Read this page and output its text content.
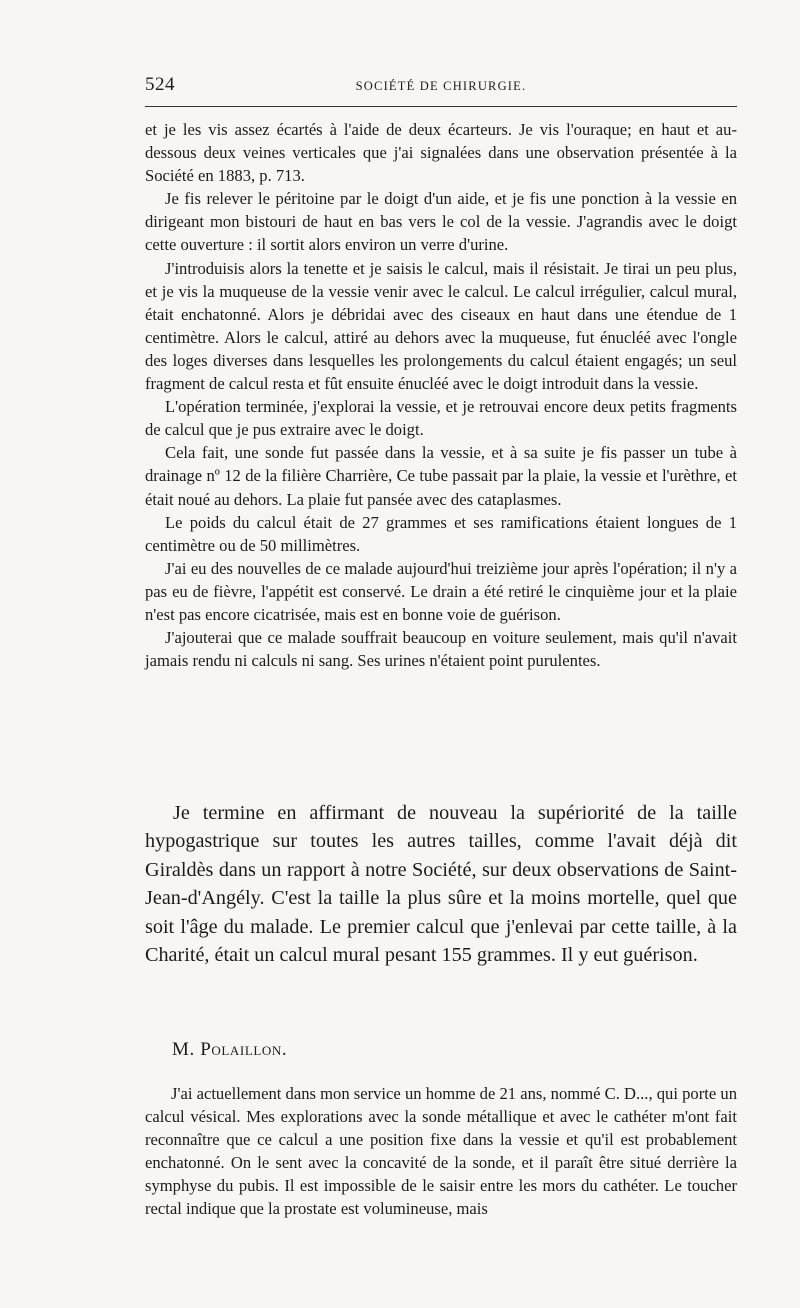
524	SOCIÉTÉ DE CHIRURGIE.

et je les vis assez écartés à l'aide de deux écarteurs. Je vis l'ouraque; en haut et au-dessous deux veines verticales que j'ai signalées dans une observation présentée à la Société en 1883, p. 713.

Je fis relever le péritoine par le doigt d'un aide, et je fis une ponction à la vessie en dirigeant mon bistouri de haut en bas vers le col de la vessie. J'agrandis avec le doigt cette ouverture : il sortit alors environ un verre d'urine.

J'introduisis alors la tenette et je saisis le calcul, mais il résistait. Je tirai un peu plus, et je vis la muqueuse de la vessie venir avec le calcul. Le calcul irrégulier, calcul mural, était enchatonné. Alors je débridai avec des ciseaux en haut dans une étendue de 1 centimètre. Alors le calcul, attiré au dehors avec la muqueuse, fut énucléé avec l'ongle des loges diverses dans lesquelles les prolongements du calcul étaient engagés; un seul fragment de calcul resta et fût ensuite énucléé avec le doigt introduit dans la vessie.

L'opération terminée, j'explorai la vessie, et je retrouvai encore deux petits fragments de calcul que je pus extraire avec le doigt.

Cela fait, une sonde fut passée dans la vessie, et à sa suite je fis passer un tube à drainage nº 12 de la filière Charrière, Ce tube passait par la plaie, la vessie et l'urèthre, et était noué au dehors. La plaie fut pansée avec des cataplasmes.

Le poids du calcul était de 27 grammes et ses ramifications étaient longues de 1 centimètre ou de 50 millimètres.

J'ai eu des nouvelles de ce malade aujourd'hui treizième jour après l'opération; il n'y a pas eu de fièvre, l'appétit est conservé. Le drain a été retiré le cinquième jour et la plaie n'est pas encore cicatrisée, mais est en bonne voie de guérison.

J'ajouterai que ce malade souffrait beaucoup en voiture seulement, mais qu'il n'avait jamais rendu ni calculs ni sang. Ses urines n'étaient point purulentes.

Je termine en affirmant de nouveau la supériorité de la taille hypogastrique sur toutes les autres tailles, comme l'avait déjà dit Giraldès dans un rapport à notre Société, sur deux observations de Saint-Jean-d'Angély. C'est la taille la plus sûre et la moins mortelle, quel que soit l'âge du malade. Le premier calcul que j'enlevai par cette taille, à la Charité, était un calcul mural pesant 155 grammes. Il y eut guérison.

M. Polaillon.

J'ai actuellement dans mon service un homme de 21 ans, nommé C. D..., qui porte un calcul vésical. Mes explorations avec la sonde métallique et avec le cathéter m'ont fait reconnaître que ce calcul a une position fixe dans la vessie et qu'il est probablement enchatonné. On le sent avec la concavité de la sonde, et il paraît être situé derrière la symphyse du pubis. Il est impossible de le saisir entre les mors du cathéter. Le toucher rectal indique que la prostate est volumineuse, mais
